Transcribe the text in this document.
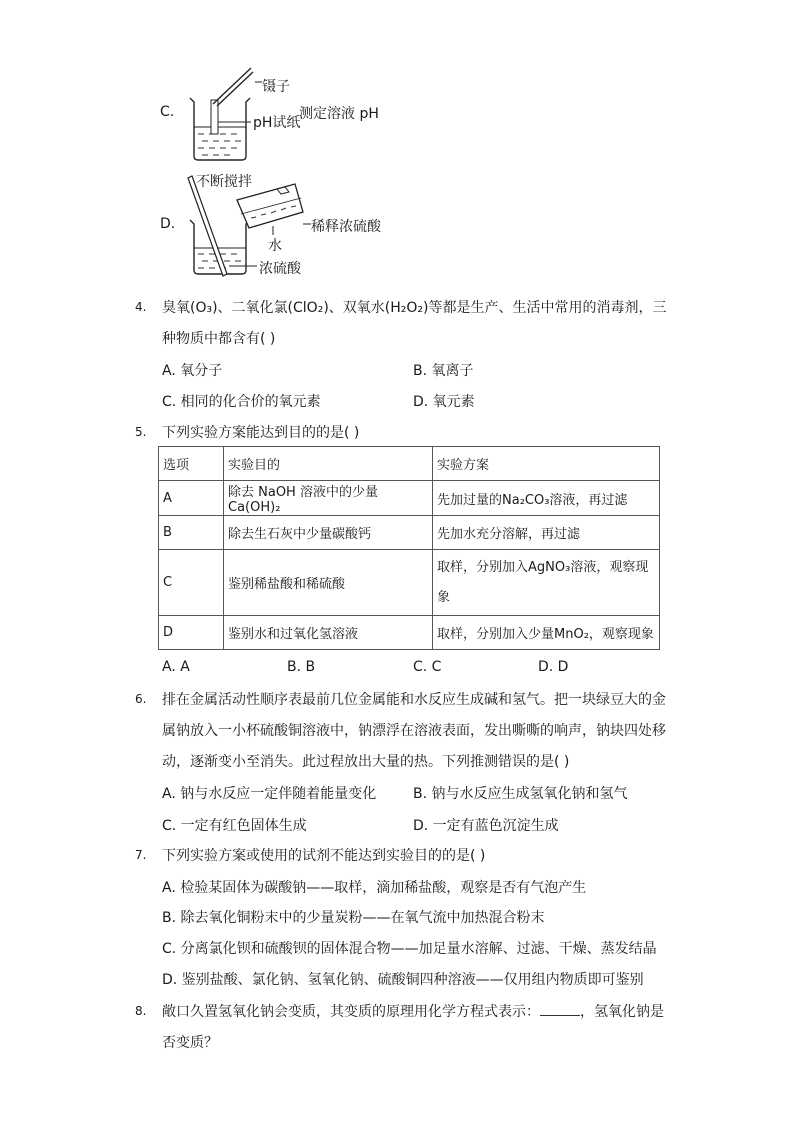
C.
镊子
pH试纸
测定溶液 pH
D.
不断搅拌
稀释浓硫酸
水
浓硫酸
4. 臭氧(O₃)、二氧化氯(ClO₂)、双氧水(H₂O₂)等都是生产、生活中常用的消毒剂，三
种物质中都含有( )
A. 氧分子	B. 氧离子
C. 相同的化合价的氧元素	D. 氧元素
5. 下列实验方案能达到目的的是( )
选项	实验目的	实验方案
A	除去 NaOH 溶液中的少量Ca(OH)₂	先加过量的Na₂CO₃溶液，再过滤
B	除去生石灰中少量碳酸钙	先加水充分溶解，再过滤
C	鉴别稀盐酸和稀硫酸	取样，分别加入AgNO₃溶液，观察现象
D	鉴别水和过氧化氢溶液	取样，分别加入少量MnO₂，观察现象
A. A	B. B	C. C	D. D
6. 排在金属活动性顺序表最前几位金属能和水反应生成碱和氢气。把一块绿豆大的金
属钠放入一小杯硫酸铜溶液中，钠漂浮在溶液表面，发出嘶嘶的响声，钠块四处移
动，逐渐变小至消失。此过程放出大量的热。下列推测错误的是( )
A. 钠与水反应一定伴随着能量变化	B. 钠与水反应生成氢氧化钠和氢气
C. 一定有红色固体生成	D. 一定有蓝色沉淀生成
7. 下列实验方案或使用的试剂不能达到实验目的的是( )
A. 检验某固体为碳酸钠——取样，滴加稀盐酸，观察是否有气泡产生
B. 除去氧化铜粉末中的少量炭粉——在氧气流中加热混合粉末
C. 分离氯化钡和硫酸钡的固体混合物——加足量水溶解、过滤、干燥、蒸发结晶
D. 鉴别盐酸、氯化钠、氢氧化钠、硫酸铜四种溶液——仅用组内物质即可鉴别
8. 敞口久置氢氧化钠会变质，其变质的原理用化学方程式表示：	，氢氧化钠是
否变质？
